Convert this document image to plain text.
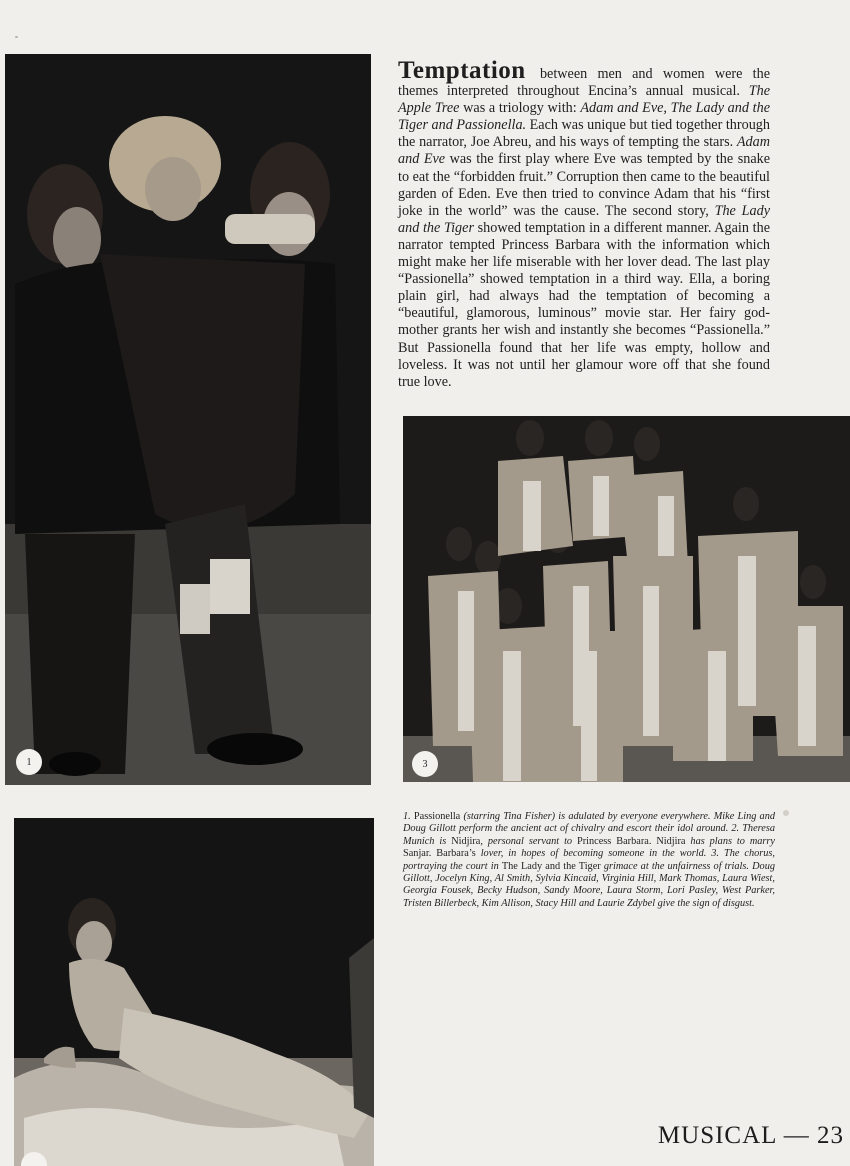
1
Temptation between men and women were the themes interpreted throughout Encina’s annual musical. The Apple Tree was a triology with: Adam and Eve, The Lady and the Tiger and Passionella. Each was unique but tied together through the narrator, Joe Abreu, and his ways of tempting the stars. Adam and Eve was the first play where Eve was tempted by the snake to eat the “forbidden fruit.” Corruption then came to the beautiful garden of Eden. Eve then tried to convince Adam that his “first joke in the world” was the cause. The second story, The Lady and the Tiger showed temptation in a different manner. Again the narrator tempted Princess Barbara with the information which might make her life miserable with her lover dead. The last play “Passionella” showed temptation in a third way. Ella, a boring plain girl, had always had the temptation of becoming a “beautiful, glamorous, luminous” movie star. Her fairy god-mother grants her wish and instantly she becomes “Passionella.” But Passionella found that her life was empty, hollow and loveless. It was not until her glamour wore off that she found true love.
3
1. Passionella (starring Tina Fisher) is adulated by everyone everywhere. Mike Ling and Doug Gillott perform the ancient act of chivalry and escort their idol around. 2. Theresa Munich is Nidjira, personal servant to Princess Barbara. Nidjira has plans to marry Sanjar. Barbara’s lover, in hopes of becoming someone in the world. 3. The chorus, portraying the court in The Lady and the Tiger grimace at the unfairness of trials. Doug Gillott, Jocelyn King, Al Smith, Sylvia Kincaid, Virginia Hill, Mark Thomas, Laura Wiest, Georgia Fousek, Becky Hudson, Sandy Moore, Laura Storm, Lori Pasley, West Parker, Tristen Billerbeck, Kim Allison, Stacy Hill and Laurie Zdybel give the sign of disgust.
MUSICAL — 23
